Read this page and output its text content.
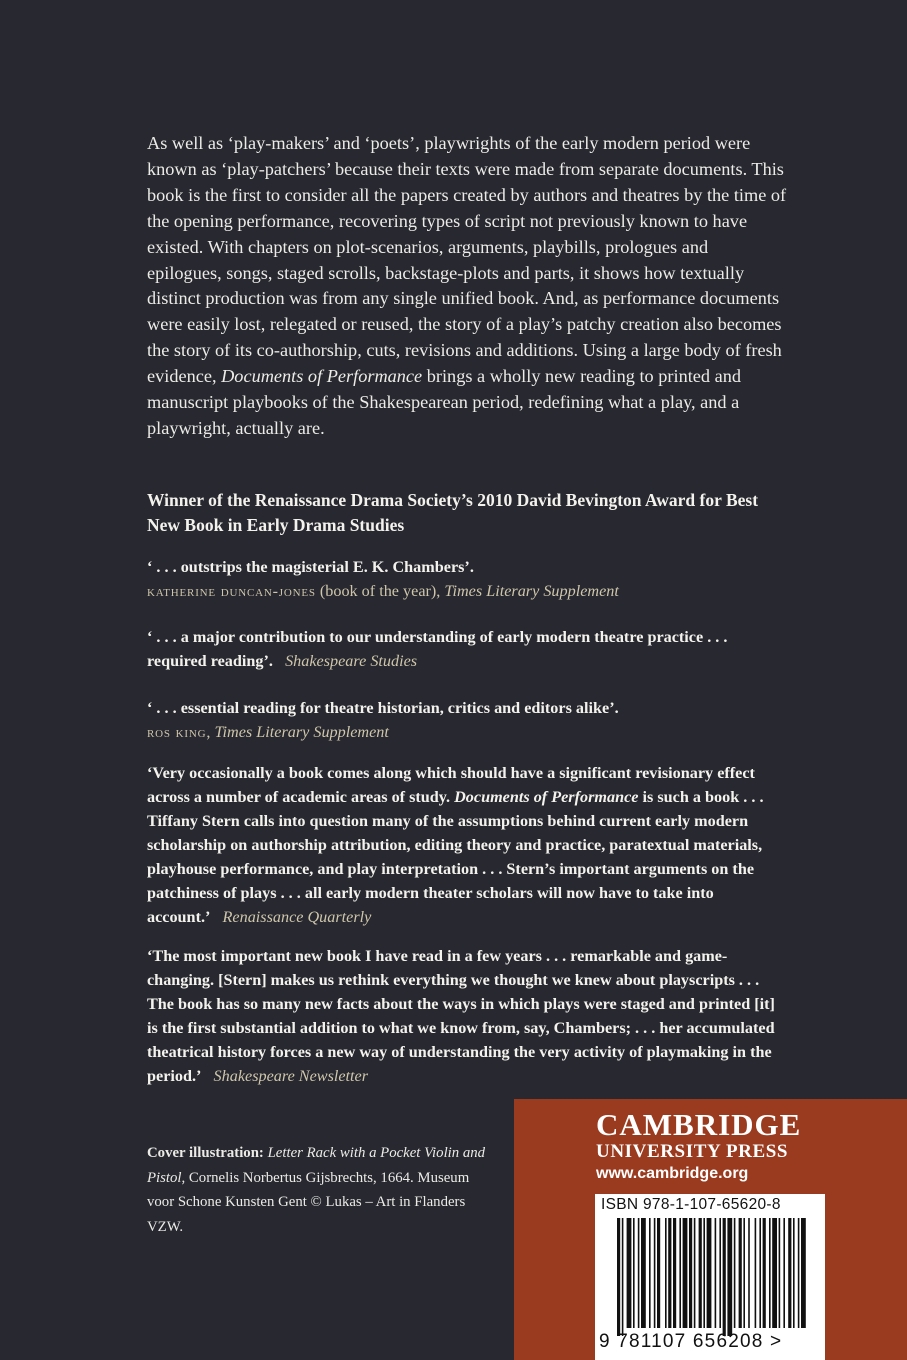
As well as ‘play-makers’ and ‘poets’, playwrights of the early modern period were known as ‘play-patchers’ because their texts were made from separate documents. This book is the first to consider all the papers created by authors and theatres by the time of the opening performance, recovering types of script not previously known to have existed. With chapters on plot-scenarios, arguments, playbills, prologues and epilogues, songs, staged scrolls, backstage-plots and parts, it shows how textually distinct production was from any single unified book. And, as performance documents were easily lost, relegated or reused, the story of a play’s patchy creation also becomes the story of its co-authorship, cuts, revisions and additions. Using a large body of fresh evidence, Documents of Performance brings a wholly new reading to printed and manuscript playbooks of the Shakespearean period, redefining what a play, and a playwright, actually are.

Winner of the Renaissance Drama Society’s 2010 David Bevington Award for Best New Book in Early Drama Studies
‘ . . . outstrips the magisterial E. K. Chambers’.
katherine duncan-jones (book of the year), Times Literary Supplement
‘ . . . a major contribution to our understanding of early modern theatre practice . . . required reading’. Shakespeare Studies
‘ . . . essential reading for theatre historian, critics and editors alike’.
ros king, Times Literary Supplement
‘Very occasionally a book comes along which should have a significant revisionary effect across a number of academic areas of study. Documents of Performance is such a book . . . Tiffany Stern calls into question many of the assumptions behind current early modern scholarship on authorship attribution, editing theory and practice, paratextual materials, playhouse performance, and play interpretation . . . Stern’s important arguments on the patchiness of plays . . . all early modern theater scholars will now have to take into account.’ Renaissance Quarterly
‘The most important new book I have read in a few years . . . remarkable and game-changing. [Stern] makes us rethink everything we thought we knew about playscripts . . . The book has so many new facts about the ways in which plays were staged and printed [it] is the first substantial addition to what we know from, say, Chambers; . . . her accumulated theatrical history forces a new way of understanding the very activity of playmaking in the period.’ Shakespeare Newsletter
Cover illustration: Letter Rack with a Pocket Violin and Pistol, Cornelis Norbertus Gijsbrechts, 1664. Museum voor Schone Kunsten Gent © Lukas – Art in Flanders VZW.
CAMBRIDGE
UNIVERSITY PRESS
www.cambridge.org
ISBN 978-1-107-65620-8
9 781107 656208 >
